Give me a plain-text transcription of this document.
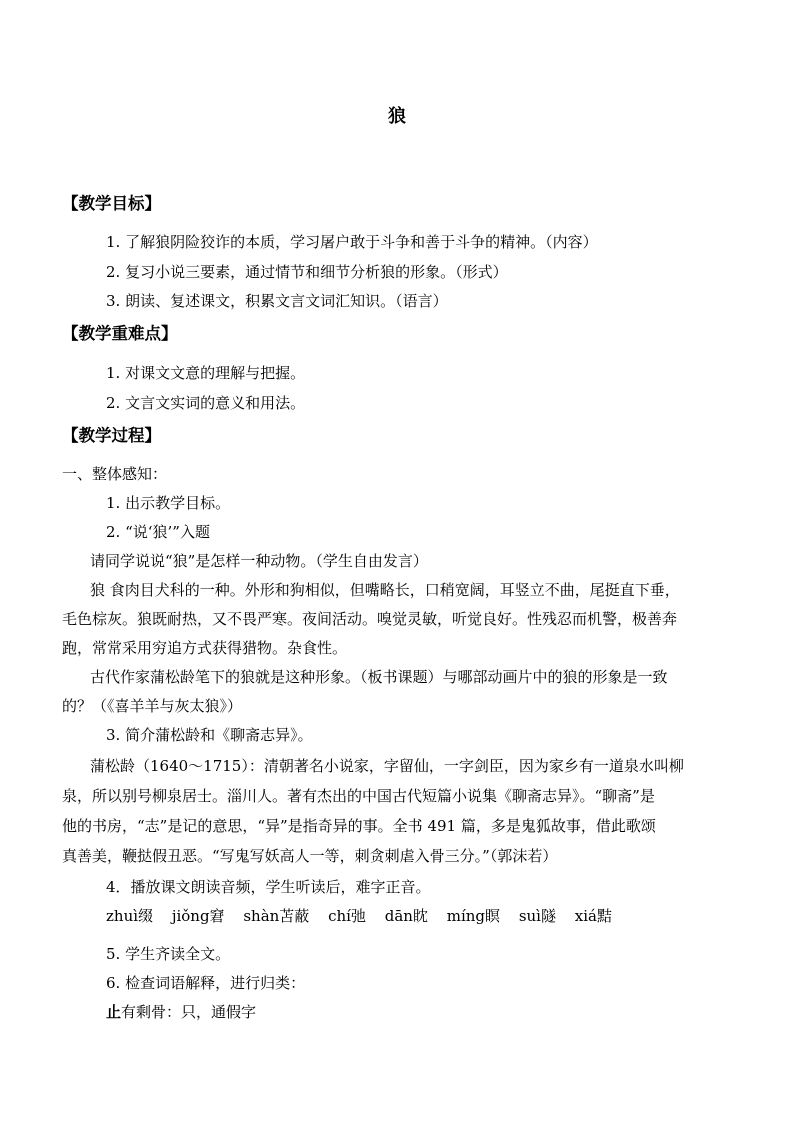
狼
【教学目标】
1. 了解狼阴险狡诈的本质，学习屠户敢于斗争和善于斗争的精神。（内容）
2. 复习小说三要素，通过情节和细节分析狼的形象。（形式）
3. 朗读、复述课文，积累文言文词汇知识。（语言）
【教学重难点】
1. 对课文文意的理解与把握。
2. 文言文实词的意义和用法。
【教学过程】
一、整体感知：
1. 出示教学目标。
2. “说‘狼’”入题
请同学说说“狼”是怎样一种动物。（学生自由发言）
狼 食肉目犬科的一种。外形和狗相似，但嘴略长，口稍宽阔，耳竖立不曲，尾挺直下垂，
毛色棕灰。狼既耐热，又不畏严寒。夜间活动。嗅觉灵敏，听觉良好。性残忍而机警，极善奔
跑，常常采用穷追方式获得猎物。杂食性。
古代作家蒲松龄笔下的狼就是这种形象。（板书课题）与哪部动画片中的狼的形象是一致
的？（《喜羊羊与灰太狼》）
3. 简介蒲松龄和《聊斋志异》。
蒲松龄（1640～1715）：清朝著名小说家，字留仙，一字剑臣，因为家乡有一道泉水叫柳
泉，所以别号柳泉居士。淄川人。著有杰出的中国古代短篇小说集《聊斋志异》。“聊斋”是
他的书房，“志”是记的意思，“异”是指奇异的事。全书 491 篇，多是鬼狐故事，借此歌颂
真善美，鞭挞假丑恶。“写鬼写妖高人一等，刺贪刺虐入骨三分。”（郭沫若）
4．播放课文朗读音频，学生听读后，难字正音。
zhuì缀 jiǒng窘 shàn苫蔽 chí弛 dān眈 míng瞑 suì隧 xiá黠
5. 学生齐读全文。
6. 检查词语解释，进行归类：
止有剩骨：只，通假字
